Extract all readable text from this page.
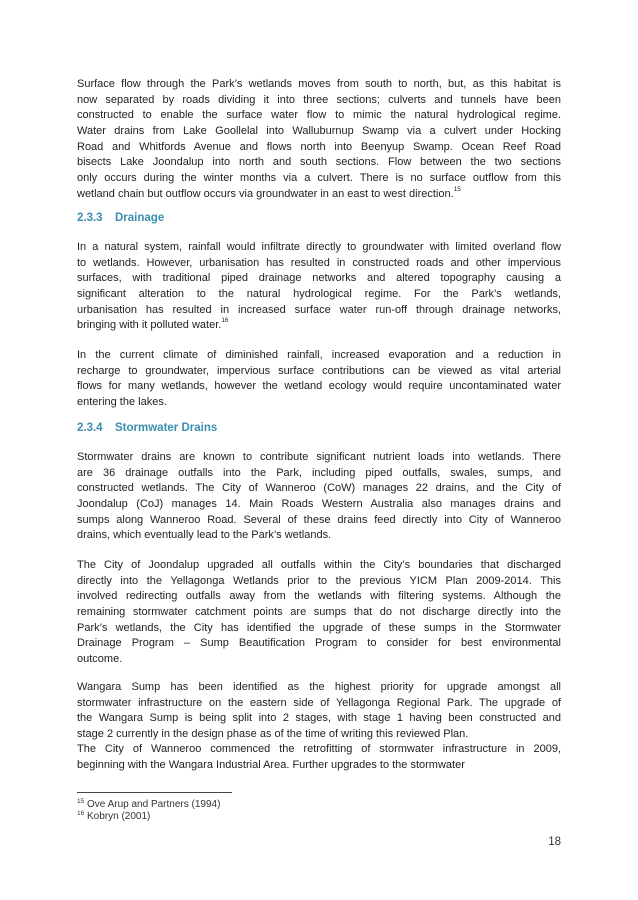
Surface flow through the Park’s wetlands moves from south to north, but, as this habitat is
now separated by roads dividing it into three sections; culverts and tunnels have been
constructed to enable the surface water flow to mimic the natural hydrological regime.
Water drains from Lake Goollelal into Walluburnup Swamp via a culvert under Hocking
Road and Whitfords Avenue and flows north into Beenyup Swamp. Ocean Reef Road
bisects Lake Joondalup into north and south sections. Flow between the two sections
only occurs during the winter months via a culvert. There is no surface outflow from this
wetland chain but outflow occurs via groundwater in an east to west direction.$^{15}$
2.3.3 Drainage
In a natural system, rainfall would infiltrate directly to groundwater with limited overland flow
to wetlands. However, urbanisation has resulted in constructed roads and other impervious
surfaces, with traditional piped drainage networks and altered topography causing a
significant alteration to the natural hydrological regime. For the Park’s wetlands,
urbanisation has resulted in increased surface water run-off through drainage networks,
bringing with it polluted water.$^{16}$
In the current climate of diminished rainfall, increased evaporation and a reduction in
recharge to groundwater, impervious surface contributions can be viewed as vital arterial
flows for many wetlands, however the wetland ecology would require uncontaminated water
entering the lakes.
2.3.4 Stormwater Drains
Stormwater drains are known to contribute significant nutrient loads into wetlands. There
are 36 drainage outfalls into the Park, including piped outfalls, swales, sumps, and
constructed wetlands. The City of Wanneroo (CoW) manages 22 drains, and the City of
Joondalup (CoJ) manages 14. Main Roads Western Australia also manages drains and
sumps along Wanneroo Road. Several of these drains feed directly into City of Wanneroo
drains, which eventually lead to the Park’s wetlands.
The City of Joondalup upgraded all outfalls within the City’s boundaries that discharged
directly into the Yellagonga Wetlands prior to the previous YICM Plan 2009-2014. This
involved redirecting outfalls away from the wetlands with filtering systems. Although the
remaining stormwater catchment points are sumps that do not discharge directly into the
Park’s wetlands, the City has identified the upgrade of these sumps in the Stormwater
Drainage Program – Sump Beautification Program to consider for best environmental
outcome.
Wangara Sump has been identified as the highest priority for upgrade amongst all
stormwater infrastructure on the eastern side of Yellagonga Regional Park. The upgrade of
the Wangara Sump is being split into 2 stages, with stage 1 having been constructed and
stage 2 currently in the design phase as of the time of writing this reviewed Plan.
The City of Wanneroo commenced the retrofitting of stormwater infrastructure in 2009,
beginning with the Wangara Industrial Area. Further upgrades to the stormwater
$^{15}$ Ove Arup and Partners (1994)
$^{16}$ Kobryn (2001)
18
